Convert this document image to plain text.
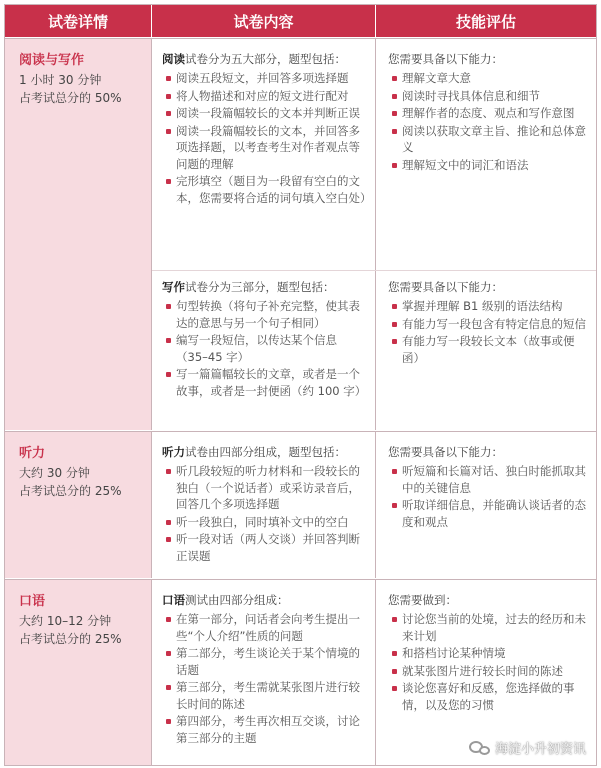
试卷详情	试卷内容	技能评估
阅读与写作
1 小时 30 分钟
占考试总分的 50%
阅读试卷分为五大部分，题型包括：
阅读五段短文，并回答多项选择题
将人物描述和对应的短文进行配对
阅读一段篇幅较长的文本并判断正误
阅读一段篇幅较长的文本，并回答多项选择题，以考查考生对作者观点等问题的理解
完形填空（题目为一段留有空白的文本，您需要将合适的词句填入空白处）
写作试卷分为三部分，题型包括：
句型转换（将句子补充完整，使其表达的意思与另一个句子相同）
编写一段短信，以传达某个信息（35–45 字）
写一篇篇幅较长的文章，或者是一个故事，或者是一封便函（约 100 字）
您需要具备以下能力：
理解文章大意
阅读时寻找具体信息和细节
理解作者的态度、观点和写作意图
阅读以获取文章主旨、推论和总体意义
理解短文中的词汇和语法
您需要具备以下能力：
掌握并理解 B1 级别的语法结构
有能力写一段包含有特定信息的短信
有能力写一段较长文本（故事或便函）
听力
大约 30 分钟
占考试总分的 25%
听力试卷由四部分组成，题型包括：
听几段较短的听力材料和一段较长的独白（一个说话者）或采访录音后，回答几个多项选择题
听一段独白，同时填补文中的空白
听一段对话（两人交谈）并回答判断正误题
您需要具备以下能力：
听短篇和长篇对话、独白时能抓取其中的关键信息
听取详细信息，并能确认谈话者的态度和观点
口语
大约 10–12 分钟
占考试总分的 25%
口语测试由四部分组成：
在第一部分，问话者会向考生提出一些“个人介绍”性质的问题
第二部分，考生谈论关于某个情境的话题
第三部分，考生需就某张图片进行较长时间的陈述
第四部分，考生再次相互交谈，讨论第三部分的主题
您需要做到：
讨论您当前的处境，过去的经历和未来计划
和搭档讨论某种情境
就某张图片进行较长时间的陈述
谈论您喜好和反感，您选择做的事情，以及您的习惯
海淀小升初资讯
